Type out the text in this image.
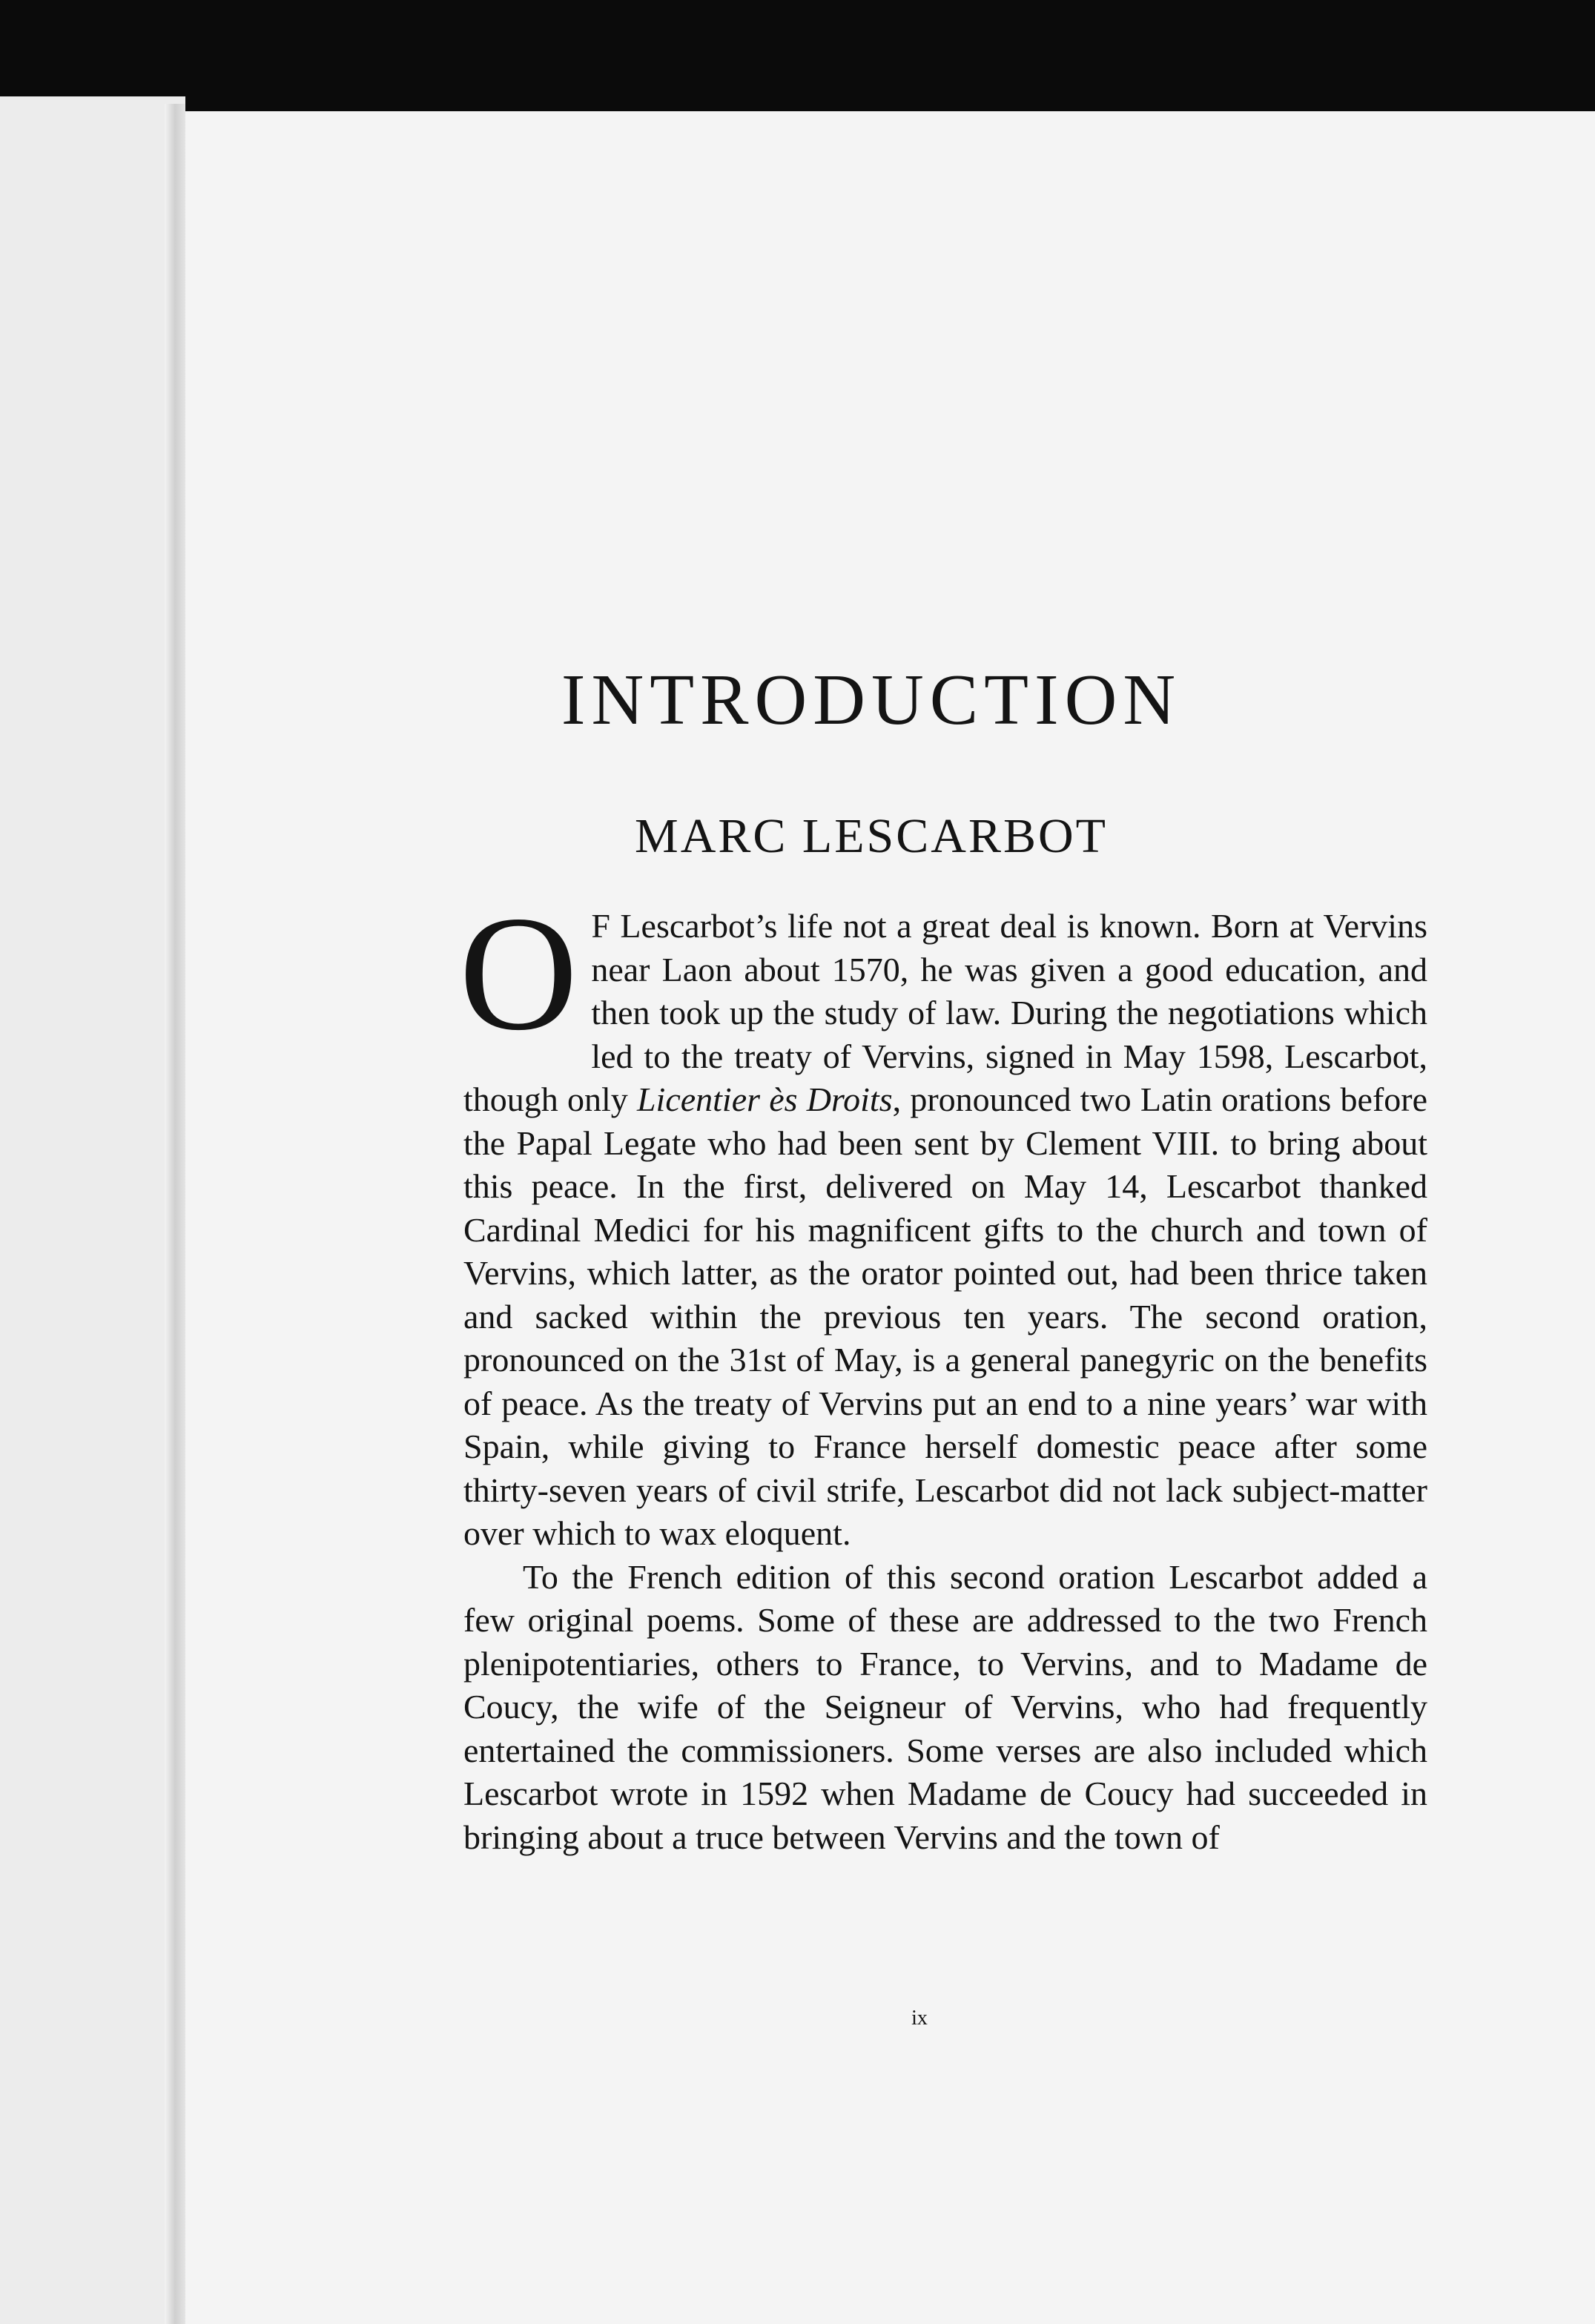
INTRODUCTION
MARC LESCARBOT

O F Lescarbot’s life not a great deal is known. Born at Vervins near Laon about 1570, he was given a good education, and then took up the study of law. During the negotiations which led to the treaty of Vervins, signed in May 1598, Lescarbot, though only Licentier ès Droits, pronounced two Latin orations before the Papal Legate who had been sent by Clement VIII. to bring about this peace. In the first, delivered on May 14, Lescarbot thanked Cardinal Medici for his magnificent gifts to the church and town of Vervins, which latter, as the orator pointed out, had been thrice taken and sacked within the previous ten years. The second oration, pronounced on the 31st of May, is a general panegyric on the benefits of peace. As the treaty of Vervins put an end to a nine years’ war with Spain, while giving to France herself domestic peace after some thirty-seven years of civil strife, Lescarbot did not lack subject-matter over which to wax eloquent.

To the French edition of this second oration Lescarbot added a few original poems. Some of these are addressed to the two French plenipotentiaries, others to France, to Vervins, and to Madame de Coucy, the wife of the Seigneur of Vervins, who had frequently entertained the commissioners. Some verses are also included which Lescarbot wrote in 1592 when Madame de Coucy had succeeded in bringing about a truce between Vervins and the town of

ix
